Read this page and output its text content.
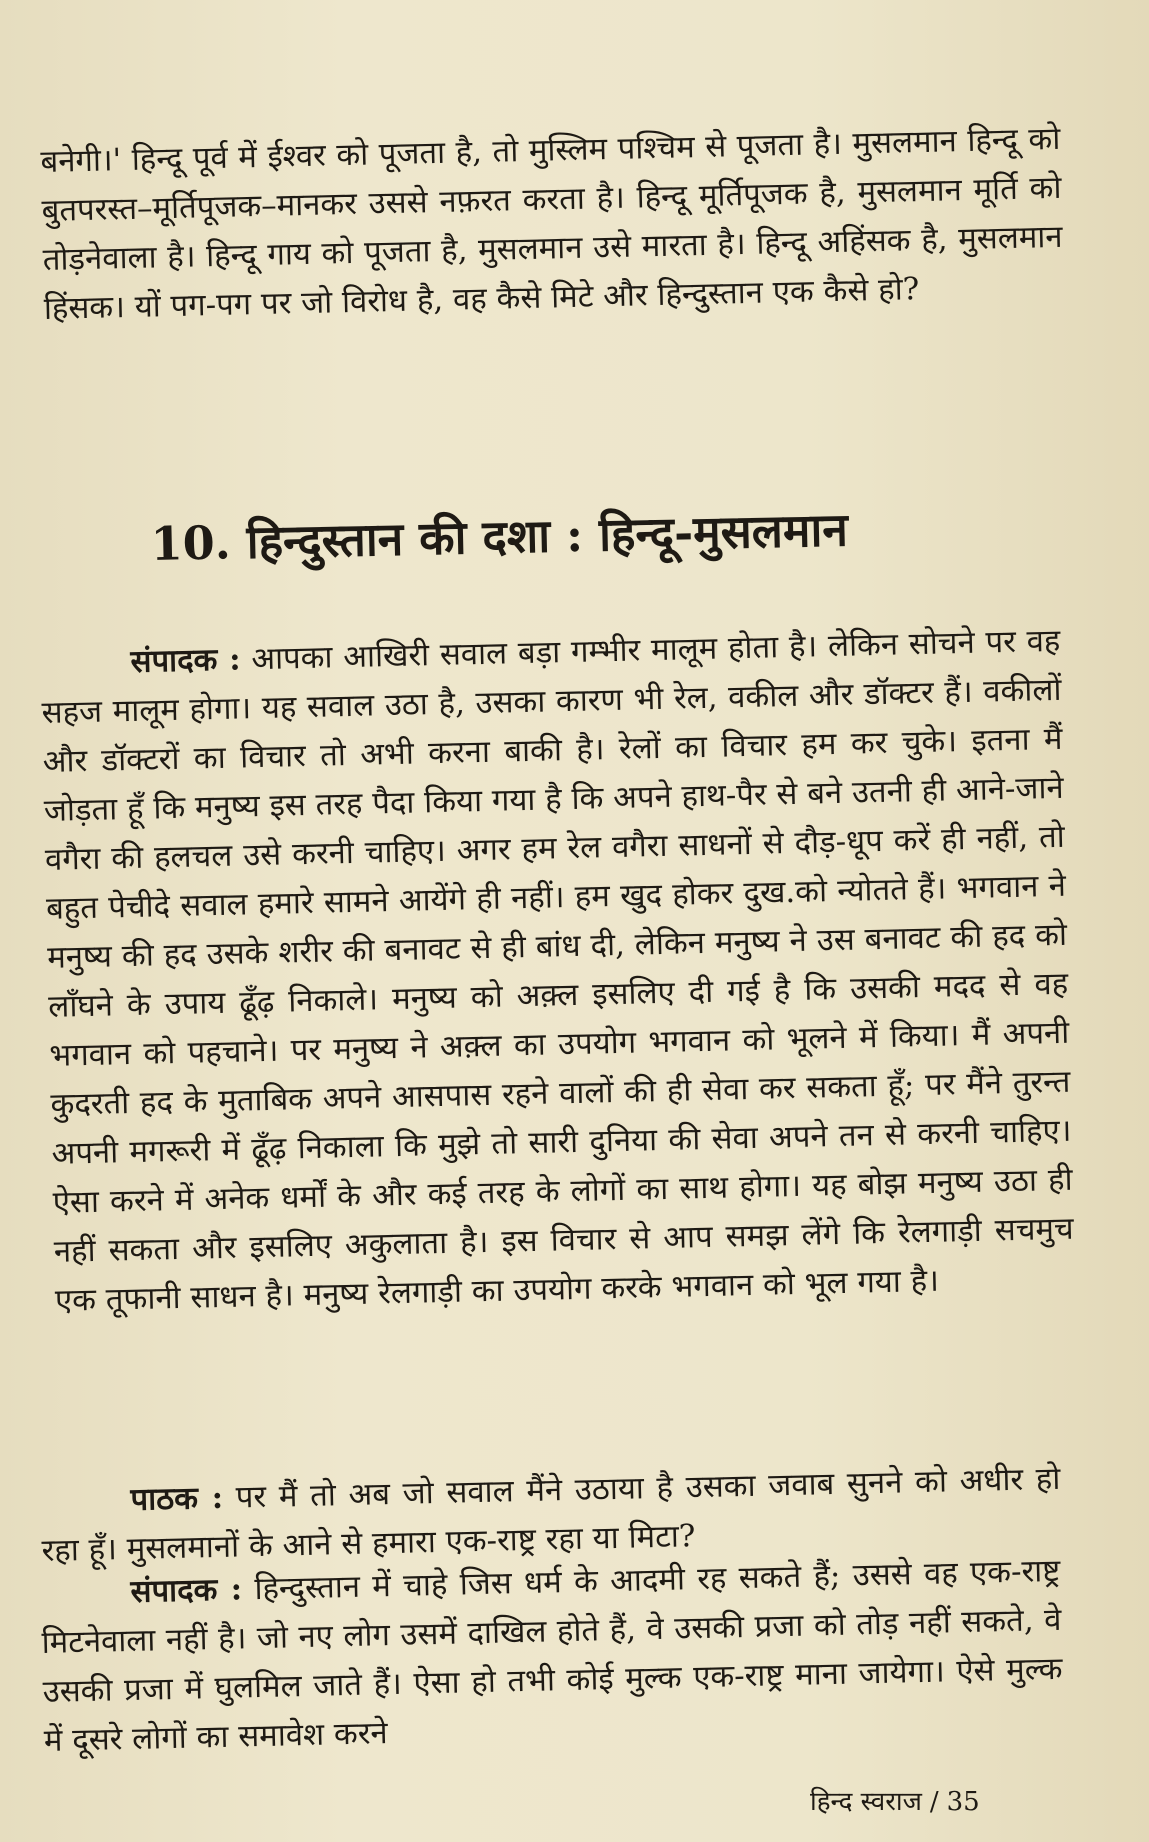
बनेगी।' हिन्दू पूर्व में ईश्वर को पूजता है, तो मुस्लिम पश्चिम से पूजता है। मुसलमान हिन्दू को बुतपरस्त–मूर्तिपूजक–मानकर उससे नफ़रत करता है। हिन्दू मूर्तिपूजक है, मुसलमान मूर्ति को तोड़नेवाला है। हिन्दू गाय को पूजता है, मुसलमान उसे मारता है। हिन्दू अहिंसक है, मुसलमान हिंसक। यों पग-पग पर जो विरोध है, वह कैसे मिटे और हिन्दुस्तान एक कैसे हो?

10. हिन्दुस्तान की दशा : हिन्दू-मुसलमान

संपादक : आपका आखिरी सवाल बड़ा गम्भीर मालूम होता है। लेकिन सोचने पर वह सहज मालूम होगा। यह सवाल उठा है, उसका कारण भी रेल, वकील और डॉक्टर हैं। वकीलों और डॉक्टरों का विचार तो अभी करना बाकी है। रेलों का विचार हम कर चुके। इतना मैं जोड़ता हूँ कि मनुष्य इस तरह पैदा किया गया है कि अपने हाथ-पैर से बने उतनी ही आने-जाने वगैरा की हलचल उसे करनी चाहिए। अगर हम रेल वगैरा साधनों से दौड़-धूप करें ही नहीं, तो बहुत पेचीदे सवाल हमारे सामने आयेंगे ही नहीं। हम खुद होकर दुख.को न्योतते हैं। भगवान ने मनुष्य की हद उसके शरीर की बनावट से ही बांध दी, लेकिन मनुष्य ने उस बनावट की हद को लाँघने के उपाय ढूँढ़ निकाले। मनुष्य को अक़्ल इसलिए दी गई है कि उसकी मदद से वह भगवान को पहचाने। पर मनुष्य ने अक़्ल का उपयोग भगवान को भूलने में किया। मैं अपनी कुदरती हद के मुताबिक अपने आसपास रहने वालों की ही सेवा कर सकता हूँ; पर मैंने तुरन्त अपनी मगरूरी में ढूँढ़ निकाला कि मुझे तो सारी दुनिया की सेवा अपने तन से करनी चाहिए। ऐसा करने में अनेक धर्मों के और कई तरह के लोगों का साथ होगा। यह बोझ मनुष्य उठा ही नहीं सकता और इसलिए अकुलाता है। इस विचार से आप समझ लेंगे कि रेलगाड़ी सचमुच एक तूफानी साधन है। मनुष्य रेलगाड़ी का उपयोग करके भगवान को भूल गया है।

पाठक : पर मैं तो अब जो सवाल मैंने उठाया है उसका जवाब सुनने को अधीर हो रहा हूँ। मुसलमानों के आने से हमारा एक-राष्ट्र रहा या मिटा?

संपादक : हिन्दुस्तान में चाहे जिस धर्म के आदमी रह सकते हैं; उससे वह एक-राष्ट्र मिटनेवाला नहीं है। जो नए लोग उसमें दाखिल होते हैं, वे उसकी प्रजा को तोड़ नहीं सकते, वे उसकी प्रजा में घुलमिल जाते हैं। ऐसा हो तभी कोई मुल्क एक-राष्ट्र माना जायेगा। ऐसे मुल्क में दूसरे लोगों का समावेश करने

हिन्द स्वराज / 35
